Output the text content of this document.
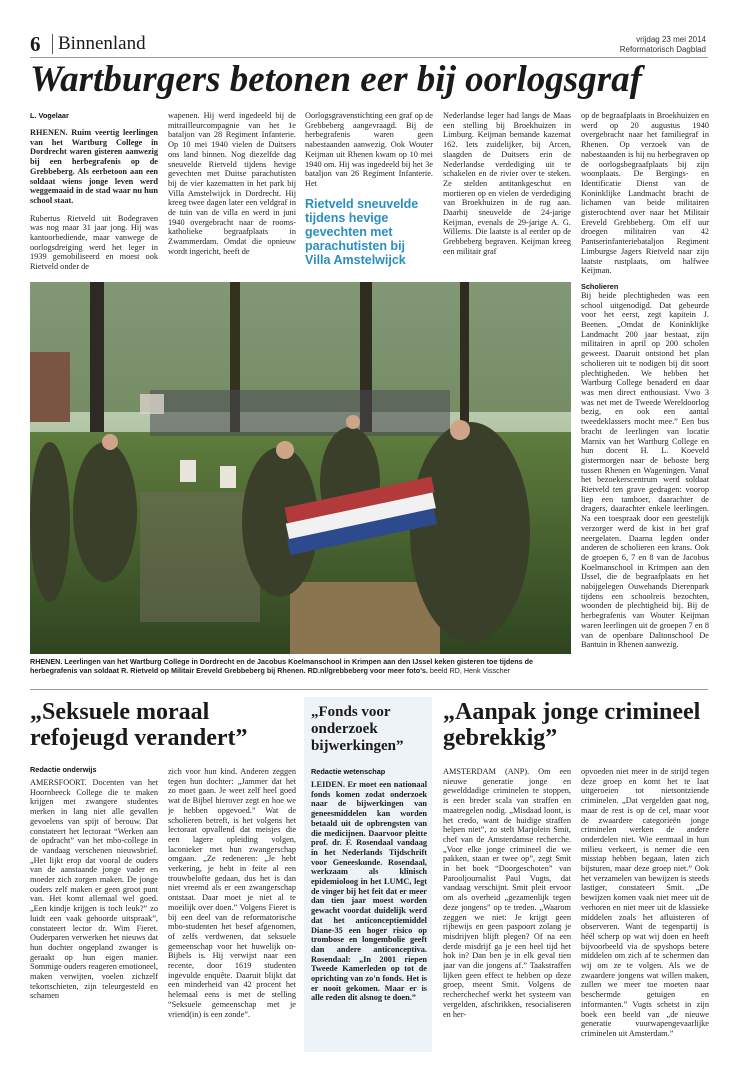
6 Binnenland	vrijdag 23 mei 2014
Reformatorisch Dagblad
Wartburgers betonen eer bij oorlogsgraf

L. Vogelaar

RHENEN. Ruim veertig leerlingen van het Wartburg College in Dordrecht waren gisteren aanwezig bij een herbegrafenis op de Grebbeberg. Als eerbetoon aan een soldaat wiens jonge leven werd weggemaaid in de stad waar nu hun school staat.

Rubertus Rietveld uit Bodegraven was nog maar 31 jaar jong. Hij was kantoorbediende, maar vanwege de oorlogsdreiging werd het leger in 1939 gemobiliseerd en moest ook Rietveld onder de

wapenen. Hij werd ingedeeld bij de mitrailleurcompagnie van het 1e bataljon van 28 Regiment Infanterie. Op 10 mei 1940 vielen de Duitsers ons land binnen. Nog diezelfde dag sneuvelde Rietveld tijdens hevige gevechten met Duitse parachutisten bij de vier kazematten in het park bij Villa Amstelwijck in Dordrecht. Hij kreeg twee dagen later een veldgraf in de tuin van de villa en werd in juni 1940 overgebracht naar de rooms-katholieke begraafplaats in Zwammerdam. Omdat die opnieuw wordt ingericht, heeft de

Oorlogsgravenstichting een graf op de Grebbeberg aangevraagd. Bij de herbegrafenis waren geen nabestaanden aanwezig. Ook Wouter Keijman uit Rhenen kwam op 10 mei 1940 om. Hij was ingedeeld bij het 3e bataljon van 26 Regiment Infanterie. Het

Rietveld sneuvelde tijdens hevige gevechten met parachutisten bij Villa Amstelwijck

Nederlandse leger had langs de Maas een stelling bij Broekhuizen in Limburg. Keijman bemande kazemat 162. Iets zuidelijker, bij Arcen, slaagden de Duitsers erin de Nederlandse verdediging uit te schakelen en de rivier over te steken. Ze stelden antitankgeschut en mortieren op en vielen de verdediging van Broekhuizen in de rug aan. Daarbij sneuvelde de 24-jarige Keijman, evenals de 29-jarige A. G. Willems. Die laatste is al eerder op de Grebbeberg begraven. Keijman kreeg een militair graf

op de begraafplaats in Broekhuizen en werd op 20 augustus 1940 overgebracht naar het familiegraf in Rhenen. Op verzoek van de nabestaanden is hij nu herbegraven op de oorlogsbegraafplaats bij zijn woonplaats. De Bergings- en Identificatie Dienst van de Koninklijke Landmacht bracht de lichamen van beide militairen gisterochtend over naar het Militair Ereveld Grebbeberg. Om elf uur droegen militairen van 42 Pantserinfanteriebataljon Regiment Limburgse Jagers Rietveld naar zijn laatste rustplaats, om halfwee Keijman.

Scholieren

Bij beide plechtigheden was een school uitgenodigd. Dat gebeurde voor het eerst, zegt kapitein J. Beenen. „Omdat de Koninklijke Landmacht 200 jaar bestaat, zijn militairen in april op 200 scholen geweest. Daaruit ontstond het plan scholieren uit te nodigen bij dit soort plechtigheden. We hebben het Wartburg College benaderd en daar was men direct enthousiast. Vwo 3 was net met de Tweede Wereldoorlog bezig, en ook een aantal tweedeklassers mocht mee.” Een bus bracht de leerlingen van locatie Marnix van het Wartburg College en hun docent H. L. Koeveld gistermorgen naar de beboste berg tussen Rhenen en Wageningen. Vanaf het bezoekerscentrum werd soldaat Rietveld ten grave gedragen: voorop liep een tamboer, daarachter de dragers, daarachter enkele leerlingen. Na een toespraak door een geestelijk verzorger werd de kist in het graf neergelaten. Daarna legden onder anderen de scholieren een krans. Ook de groepen 6, 7 en 8 van de Jacobus Koelmanschool in Krimpen aan den IJssel, die de begraafplaats en het nabijgelegen Ouwehands Dierenpark tijdens een schoolreis bezochten, woonden de plechtigheid bij. Bij de herbegrafenis van Wouter Keijman waren leerlingen uit de groepen 7 en 8 van de openbare Daltonschool De Bantuin in Rhenen aanwezig.

RHENEN. Leerlingen van het Wartburg College in Dordrecht en de Jacobus Koelmanschool in Krimpen aan den IJssel keken gisteren toe tijdens de herbegrafenis van soldaat R. Rietveld op Militair Ereveld Grebbeberg bij Rhenen. RD.nl/grebbeberg voor meer foto's. beeld RD, Henk Visscher
„Seksuele moraal refojeugd verandert”
Redactie onderwijs
AMERSFOORT. Docenten van het Hoornbeeck College die te maken krijgen met zwangere studentes merken in lang niet alle gevallen gevoelens van spijt of berouw. Dat constateert het lectoraat “Werken aan de opdracht” van het mbo-college in de vandaag verschenen nieuwsbrief. „Het lijkt erop dat vooral de ouders van de aanstaande jonge vader en moeder zich zorgen maken. De jonge ouders zelf maken er geen groot punt van. Het komt allemaal wel goed. „Een kindje krijgen is toch leuk?” zo luidt een vaak gehoorde uitspraak”, constateert lector dr. Wim Fieret. Ouderparen verwerken het nieuws dat hun dochter ongepland zwanger is geraakt op hun eigen manier. Sommige ouders reageren emotioneel, maken verwijten, voelen zichzelf tekortschieten, zijn teleurgesteld en schamen
zich voor hun kind. Anderen zeggen tegen hun dochter: „Jammer dat het zo moet gaan. Je weet zelf heel goed wat de Bijbel hierover zegt en hoe we je hebben opgevoed.” Wat de scholieren betreft, is het volgens het lectoraat opvallend dat meisjes die een lagere opleiding volgen, laconieker met hun zwangerschap omgaan. „Ze redeneren: „Je hebt verkering, je hebt in feite al een trouwbelofte gedaan, dus het is dan niet vreemd als er een zwangerschap ontstaat. Daar moet je niet al te moeilijk over doen.” Volgens Fieret is bij een deel van de reformatorische mbo-studenten het besef afgenomen, of zelfs verdwenen, dat seksuele gemeenschap voor het huwelijk on-Bijbels is. Hij verwijst naar een recente, door 1619 studenten ingevulde enquête. Daaruit blijkt dat een minderheid van 42 procent het helemaal eens is met de stelling “Seksuele gemeenschap met je vriend(in) is een zonde”.
„Fonds voor onderzoek bijwerkingen”
Redactie wetenschap
LEIDEN. Er moet een nationaal fonds komen zodat onderzoek naar de bijwerkingen van geneesmiddelen kan worden betaald uit de opbrengsten van die medicijnen. Daarvoor pleitte prof. dr. F. Rosendaal vandaag in het Nederlands Tijdschrift voor Geneeskunde. Rosendaal, werkzaam als klinisch epidemioloog in het LUMC, legt de vinger bij het feit dat er meer dan tien jaar moest worden gewacht voordat duidelijk werd dat het anticonceptiemiddel Diane-35 een hoger risico op trombose en longembolie geeft dan andere anticonceptiva. Rosendaal: „In 2001 riepen Tweede Kamerleden op tot de oprichting van zo'n fonds. Het is er nooit gekomen. Maar er is alle reden dit alsnog te doen.”
„Aanpak jonge crimineel gebrekkig”
AMSTERDAM (ANP). Om een nieuwe generatie jonge en gewelddadige criminelen te stoppen, is een breder scala van straffen en maatregelen nodig. „Misdaad loont, is het credo, want de huidige straffen helpen niet”, zo stelt Marjolein Smit, chef van de Amsterdamse recherche. „Voor elke jonge crimineel die we pakken, staan er twee op”, zegt Smit in het boek “Doorgeschoten” van Parooljournalist Paul Vugts, dat vandaag verschijnt. Smit pleit ervoor om als overheid „gezamenlijk tegen deze jongens” op te treden. „Waarom zeggen we niet: Je krijgt geen rijbewijs en geen paspoort zolang je misdrijven blijft plegen? Of na een derde misdrijf ga je een heel tijd het hok in? Dan ben je in elk geval tien jaar van die jongens af.” Taakstraffen lijken geen effect te hebben op deze groep, meent Smit. Volgens de recherchechef werkt het systeem van vergelden, afschrikken, resocialiseren en her-
opvoeden niet meer in de strijd tegen deze groep en komt het te laat uitgeroeien tot nietsontziende criminelen. „Dat vergelden gaat nog, maar de rest is op de cel, maar voor de zwaardere categorieën jonge criminelen werken de andere onderdelen niet. Wie eenmaal in hun milieu verkeert, is nemer die een misstap hebben begaan, laten zich bijsturen, maar deze groep niet.” Ook het verzamelen van bewijzen is steeds lastiger, constateert Smit. „De bewijzen komen vaak niet meer uit de verhoren en niet meer uit de klassieke middelen zoals het afluisteren of observeren. Want de tegenpartij is héél scherp op wat wij doen en heeft bijvoorbeeld via de spyshops betere middelen om zich af te schermen dan wij om ze te volgen. Als we de zwaardere jongens wat willen maken, zullen we meer toe moeten naar beschermde getuigen en informanten.” Vugts schetst in zijn boek een beeld van „de nieuwe generatie vuurwapengevaarlijke criminelen uit Amsterdam.”
